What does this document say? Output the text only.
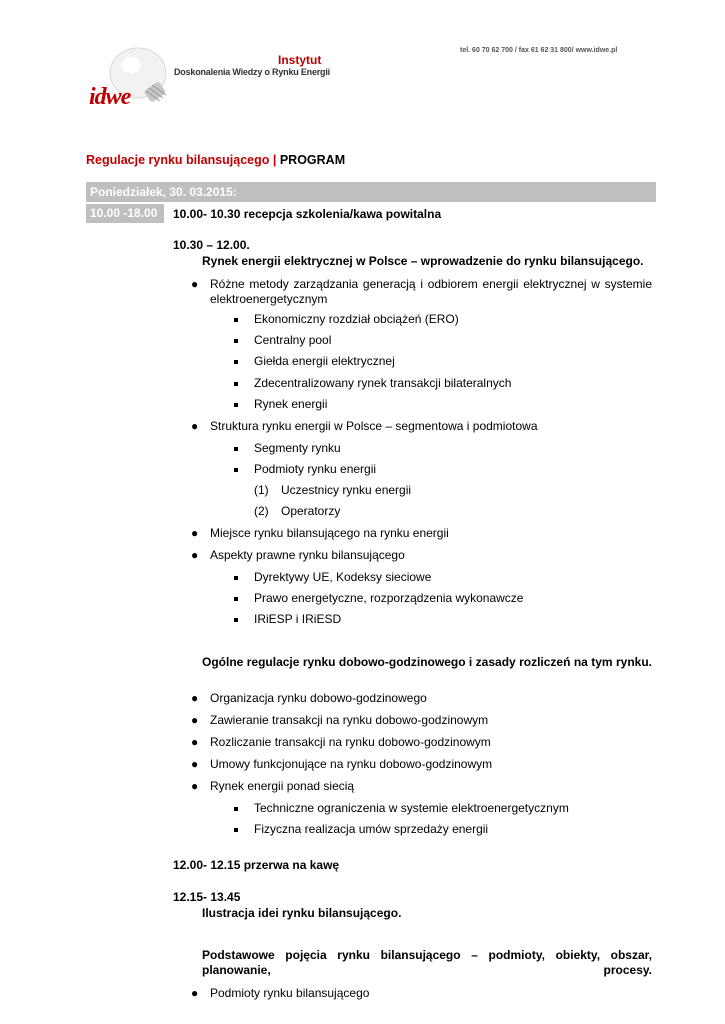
tel. 60 70 62 700 / fax 61 62 31 800/ www.idwe.pl
idwe
Instytut
Doskonalenia Wiedzy o Rynku Energii
Regulacje rynku bilansującego | PROGRAM
Poniedziałek, 30. 03.2015:
10.00 -18.00	10.00- 10.30 recepcja szkolenia/kawa powitalna
10.30 – 12.00.
Rynek energii elektrycznej w Polsce – wprowadzenie do rynku bilansującego.
● Różne metody zarządzania generacją i odbiorem energii elektrycznej w systemie elektroenergetycznym
Ekonomiczny rozdział obciążeń (ERO)
Centralny pool
Giełda energii elektrycznej
Zdecentralizowany rynek transakcji bilateralnych
Rynek energii
● Struktura rynku energii w Polsce – segmentowa i podmiotowa
Segmenty rynku
Podmioty rynku energii
(1) Uczestnicy rynku energii
(2) Operatorzy
● Miejsce rynku bilansującego na rynku energii
● Aspekty prawne rynku bilansującego
Dyrektywy UE, Kodeksy sieciowe
Prawo energetyczne, rozporządzenia wykonawcze
IRiESP i IRiESD
Ogólne regulacje rynku dobowo-godzinowego i zasady rozliczeń na tym rynku.
● Organizacja rynku dobowo-godzinowego
● Zawieranie transakcji na rynku dobowo-godzinowym
● Rozliczanie transakcji na rynku dobowo-godzinowym
● Umowy funkcjonujące na rynku dobowo-godzinowym
● Rynek energii ponad siecią
Techniczne ograniczenia w systemie elektroenergetycznym
Fizyczna realizacja umów sprzedaży energii
12.00- 12.15 przerwa na kawę
12.15- 13.45
Ilustracja idei rynku bilansującego.
Podstawowe pojęcia rynku bilansującego – podmioty, obiekty, obszar, planowanie, procesy.
● Podmioty rynku bilansującego
